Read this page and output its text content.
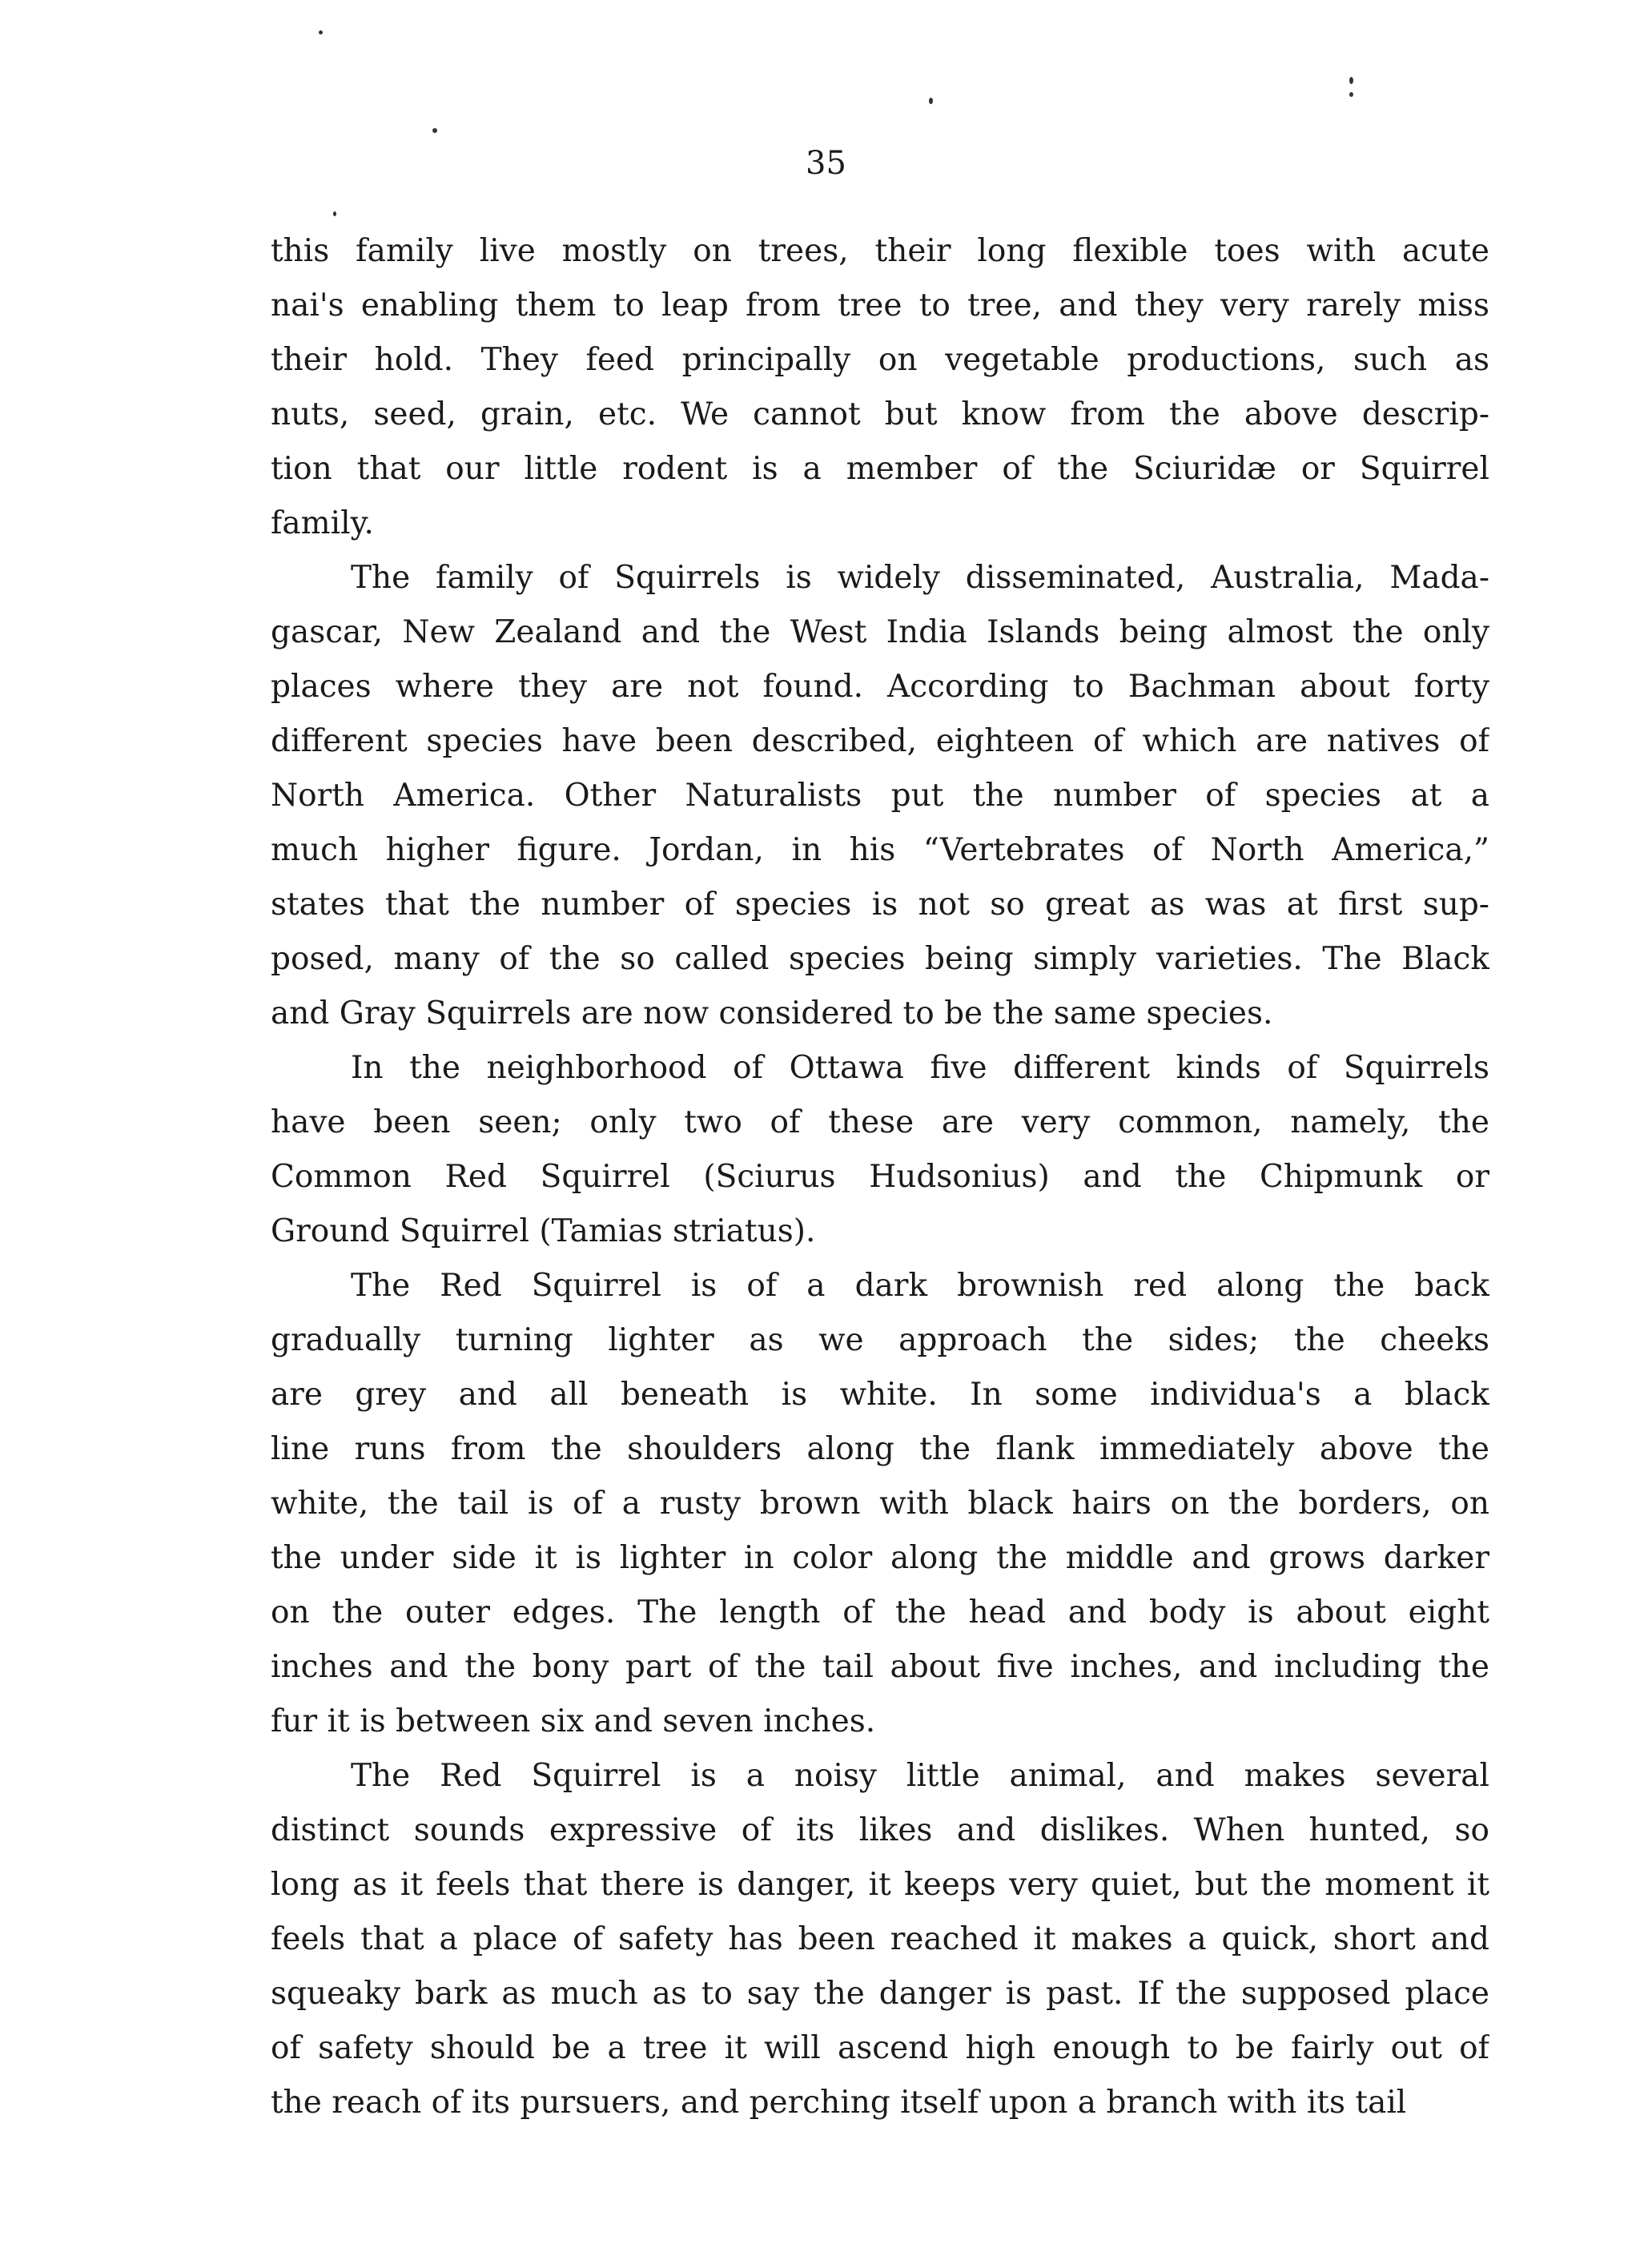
35
this family live mostly on trees, their long flexible toes with acute
nai's enabling them to leap from tree to tree, and they very rarely miss
their hold. They feed principally on vegetable productions, such as
nuts, seed, grain, etc. We cannot but know from the above descrip-
tion that our little rodent is a member of the Sciuridæ or Squirrel
family.
The family of Squirrels is widely disseminated, Australia, Mada-
gascar, New Zealand and the West India Islands being almost the only
places where they are not found. According to Bachman about forty
different species have been described, eighteen of which are natives of
North America. Other Naturalists put the number of species at a
much higher figure. Jordan, in his “Vertebrates of North America,”
states that the number of species is not so great as was at first sup-
posed, many of the so called species being simply varieties. The Black
and Gray Squirrels are now considered to be the same species.
In the neighborhood of Ottawa five different kinds of Squirrels
have been seen; only two of these are very common, namely, the
Common Red Squirrel (Sciurus Hudsonius) and the Chipmunk or
Ground Squirrel (Tamias striatus).
The Red Squirrel is of a dark brownish red along the back
gradually turning lighter as we approach the sides; the cheeks
are grey and all beneath is white. In some individua's a black
line runs from the shoulders along the flank immediately above the
white, the tail is of a rusty brown with black hairs on the borders, on
the under side it is lighter in color along the middle and grows darker
on the outer edges. The length of the head and body is about eight
inches and the bony part of the tail about five inches, and including the
fur it is between six and seven inches.
The Red Squirrel is a noisy little animal, and makes several
distinct sounds expressive of its likes and dislikes. When hunted, so
long as it feels that there is danger, it keeps very quiet, but the moment it
feels that a place of safety has been reached it makes a quick, short and
squeaky bark as much as to say the danger is past. If the supposed place
of safety should be a tree it will ascend high enough to be fairly out of
the reach of its pursuers, and perching itself upon a branch with its tail
